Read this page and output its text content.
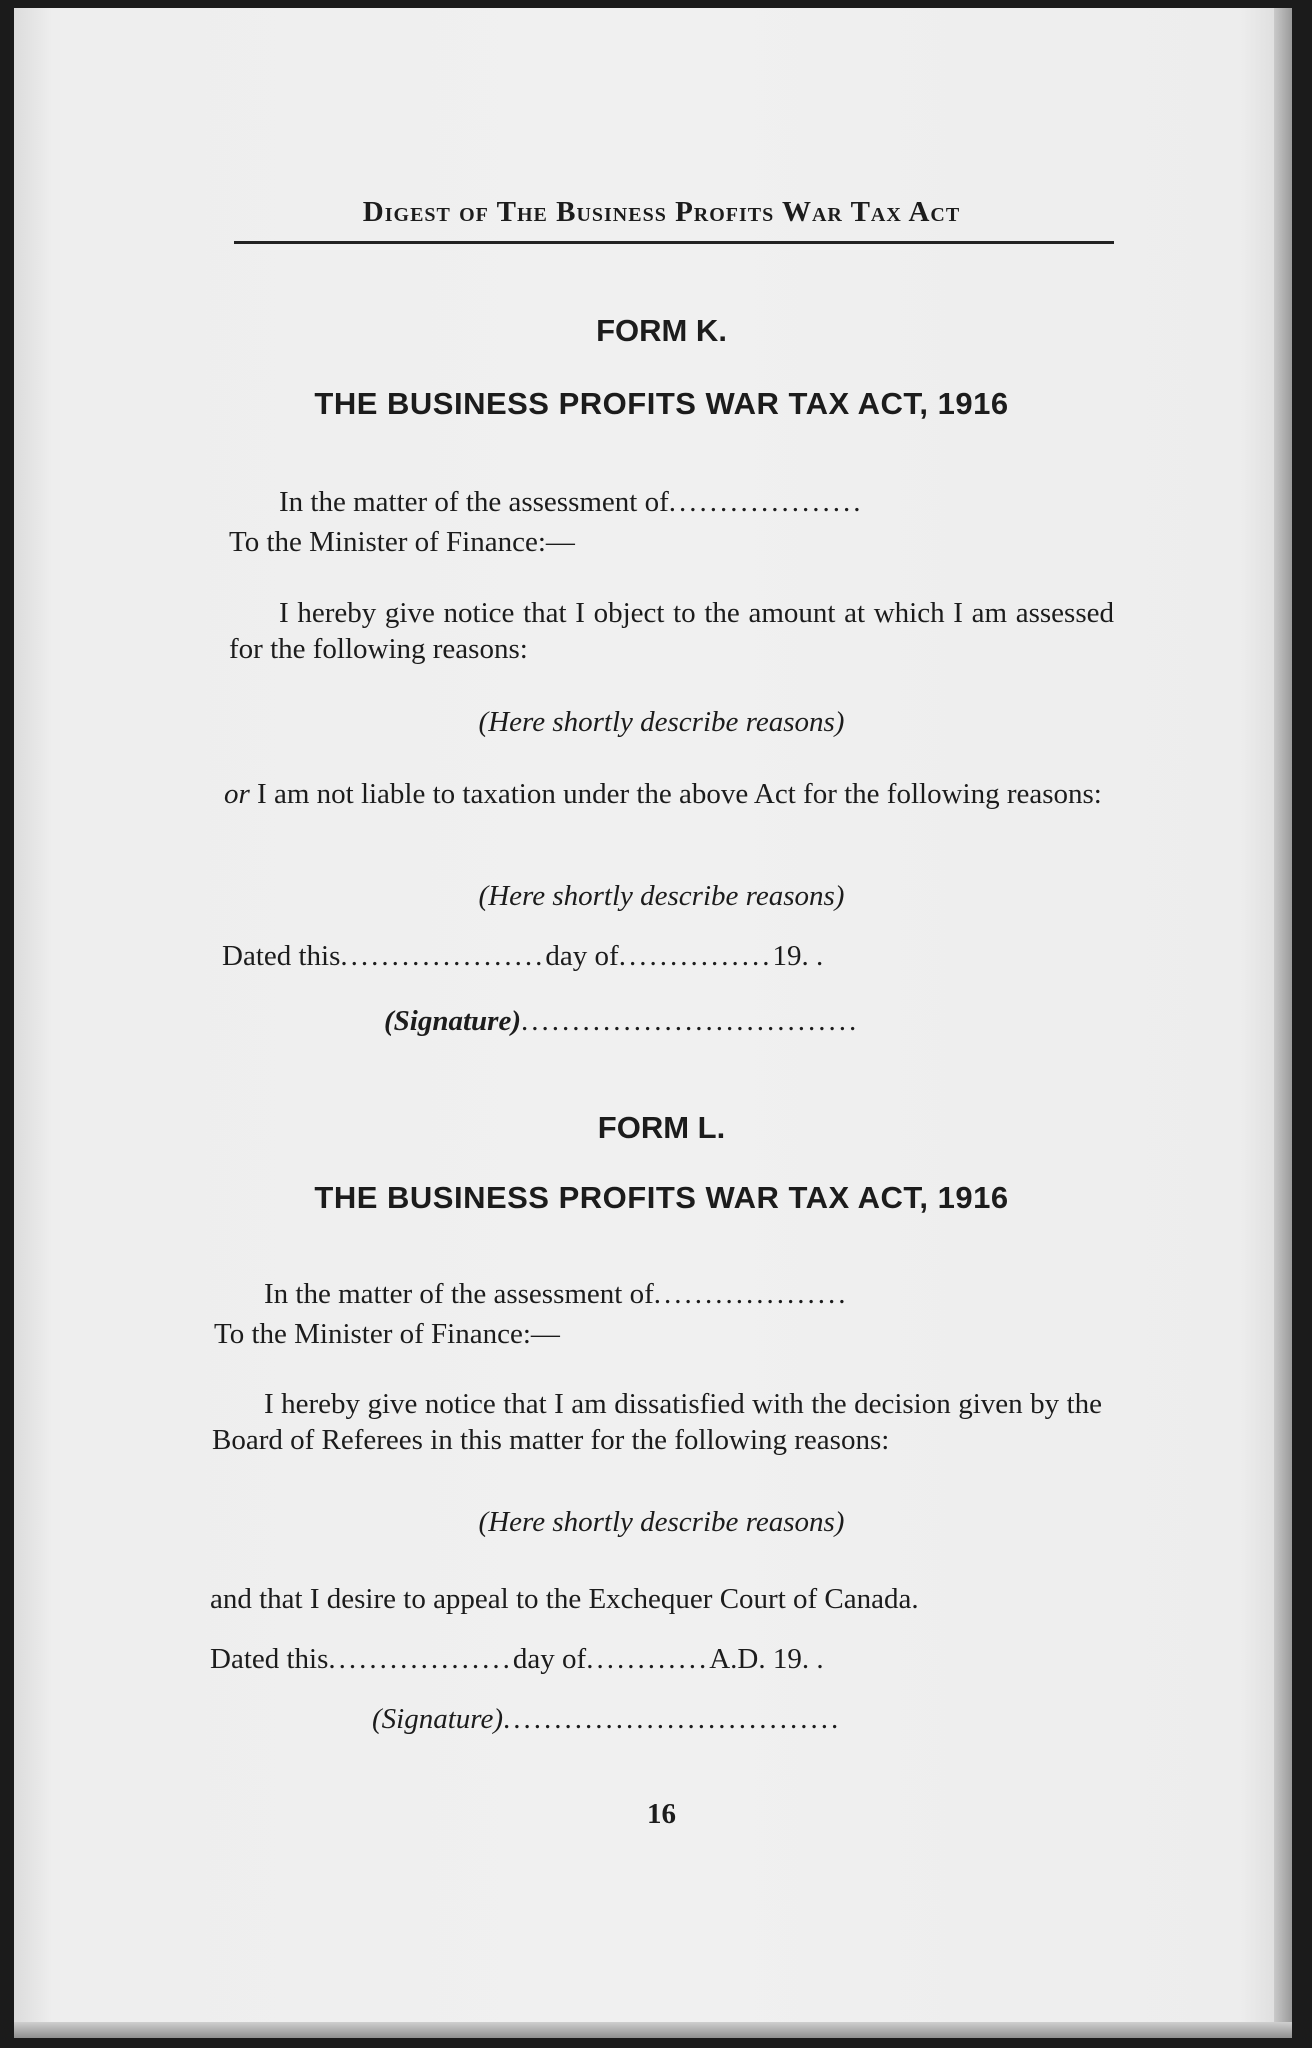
Digest of The Business Profits War Tax Act
FORM K.
THE BUSINESS PROFITS WAR TAX ACT, 1916
In the matter of the assessment of...................
To the Minister of Finance:—
I hereby give notice that I object to the amount at which I am assessed for the following reasons:
(Here shortly describe reasons)
or I am not liable to taxation under the above Act for the following reasons:
(Here shortly describe reasons)
Dated this....................day of...............19. .
(Signature).................................
FORM L.
THE BUSINESS PROFITS WAR TAX ACT, 1916
In the matter of the assessment of...................
To the Minister of Finance:—
I hereby give notice that I am dissatisfied with the decision given by the Board of Referees in this matter for the following reasons:
(Here shortly describe reasons)
and that I desire to appeal to the Exchequer Court of Canada.
Dated this..................day of............A.D. 19. .
(Signature).................................
16
